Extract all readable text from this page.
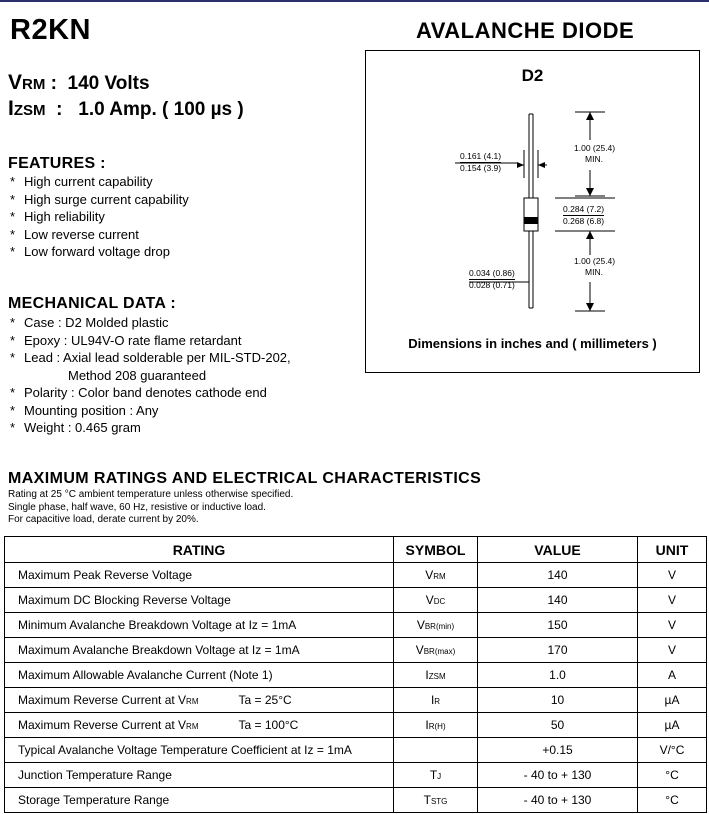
R2KN	AVALANCHE DIODE
VRM :  140 Volts
IZSM  :   1.0 Amp. ( 100 µs )
FEATURES :
* High current capability
* High surge current capability
* High reliability
* Low reverse current
* Low forward voltage drop
MECHANICAL DATA :
* Case : D2 Molded plastic
* Epoxy : UL94V-O rate flame retardant
* Lead : Axial lead solderable per MIL-STD-202,
Method 208 guaranteed
* Polarity : Color band denotes cathode end
* Mounting position : Any
* Weight : 0.465 gram
D2
1.00 (25.4)
MIN.
0.161 (4.1)
0.154 (3.9)
0.284 (7.2)
0.268 (6.8)
1.00 (25.4)
MIN.
0.034 (0.86)
0.028 (0.71)
Dimensions in inches and ( millimeters )
MAXIMUM RATINGS AND ELECTRICAL CHARACTERISTICS
Rating at 25 °C ambient temperature unless otherwise specified.
Single phase, half wave, 60 Hz, resistive or inductive load.
For capacitive load, derate current by 20%.
RATING	SYMBOL	VALUE	UNIT
Maximum Peak Reverse Voltage	VRM	140	V
Maximum DC Blocking Reverse Voltage	VDC	140	V
Minimum Avalanche Breakdown Voltage at Iz = 1mA	VBR(min)	150	V
Maximum Avalanche Breakdown Voltage at Iz = 1mA	VBR(max)	170	V
Maximum Allowable Avalanche Current (Note 1)	IZSM	1.0	A
Maximum Reverse Current at VRM Ta = 25°C	IR	10	µA
Maximum Reverse Current at VRM Ta = 100°C	IR(H)	50	µA
Typical Avalanche Voltage Temperature Coefficient at Iz = 1mA		+0.15	V/°C
Junction Temperature Range	TJ	- 40 to + 130	°C
Storage Temperature Range	TSTG	- 40 to + 130	°C
